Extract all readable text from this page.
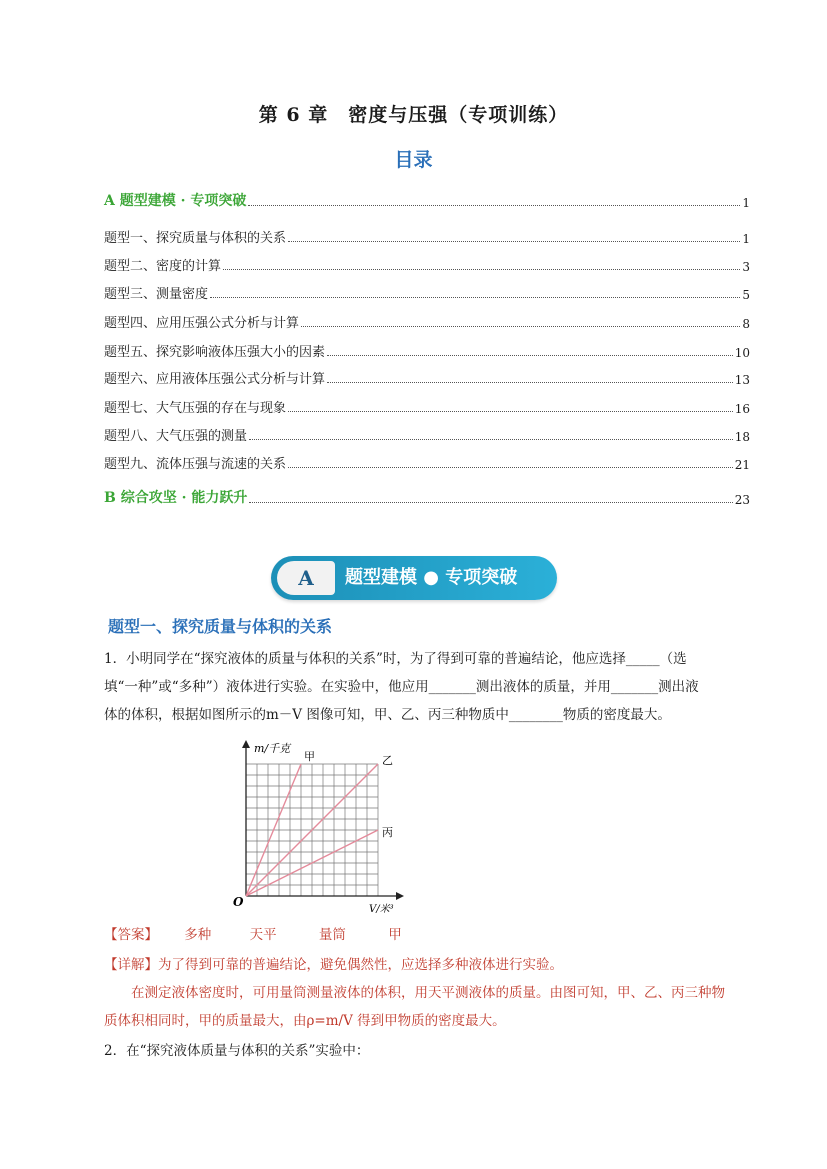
第 6 章　密度与压强（专项训练）
目录
A 题型建模 · 专项突破	1
题型一、探究质量与体积的关系	1
题型二、密度的计算	3
题型三、测量密度	5
题型四、应用压强公式分析与计算	8
题型五、探究影响液体压强大小的因素	10
题型六、应用液体压强公式分析与计算	13
题型七、大气压强的存在与现象	16
题型八、大气压强的测量	18
题型九、流体压强与流速的关系	21
B 综合攻坚 · 能力跃升	23
A	题型建模 ● 专项突破
题型一、探究质量与体积的关系
1．小明同学在“探究液体的质量与体积的关系”时，为了得到可靠的普遍结论，他应选择_____（选
填“一种”或“多种”）液体进行实验。在实验中，他应用_______测出液体的质量，并用_______测出液
体的体积，根据如图所示的m－V 图像可知，甲、乙、丙三种物质中________物质的密度最大。
甲	乙
丙
m/千克
V/米³
O
【答案】 多种	天平	量筒	甲
【详解】为了得到可靠的普遍结论，避免偶然性，应选择多种液体进行实验。
在测定液体密度时，可用量筒测量液体的体积，用天平测液体的质量。由图可知，甲、乙、丙三种物
质体积相同时，甲的质量最大，由ρ=m/V 得到甲物质的密度最大。
2．在“探究液体质量与体积的关系”实验中：
